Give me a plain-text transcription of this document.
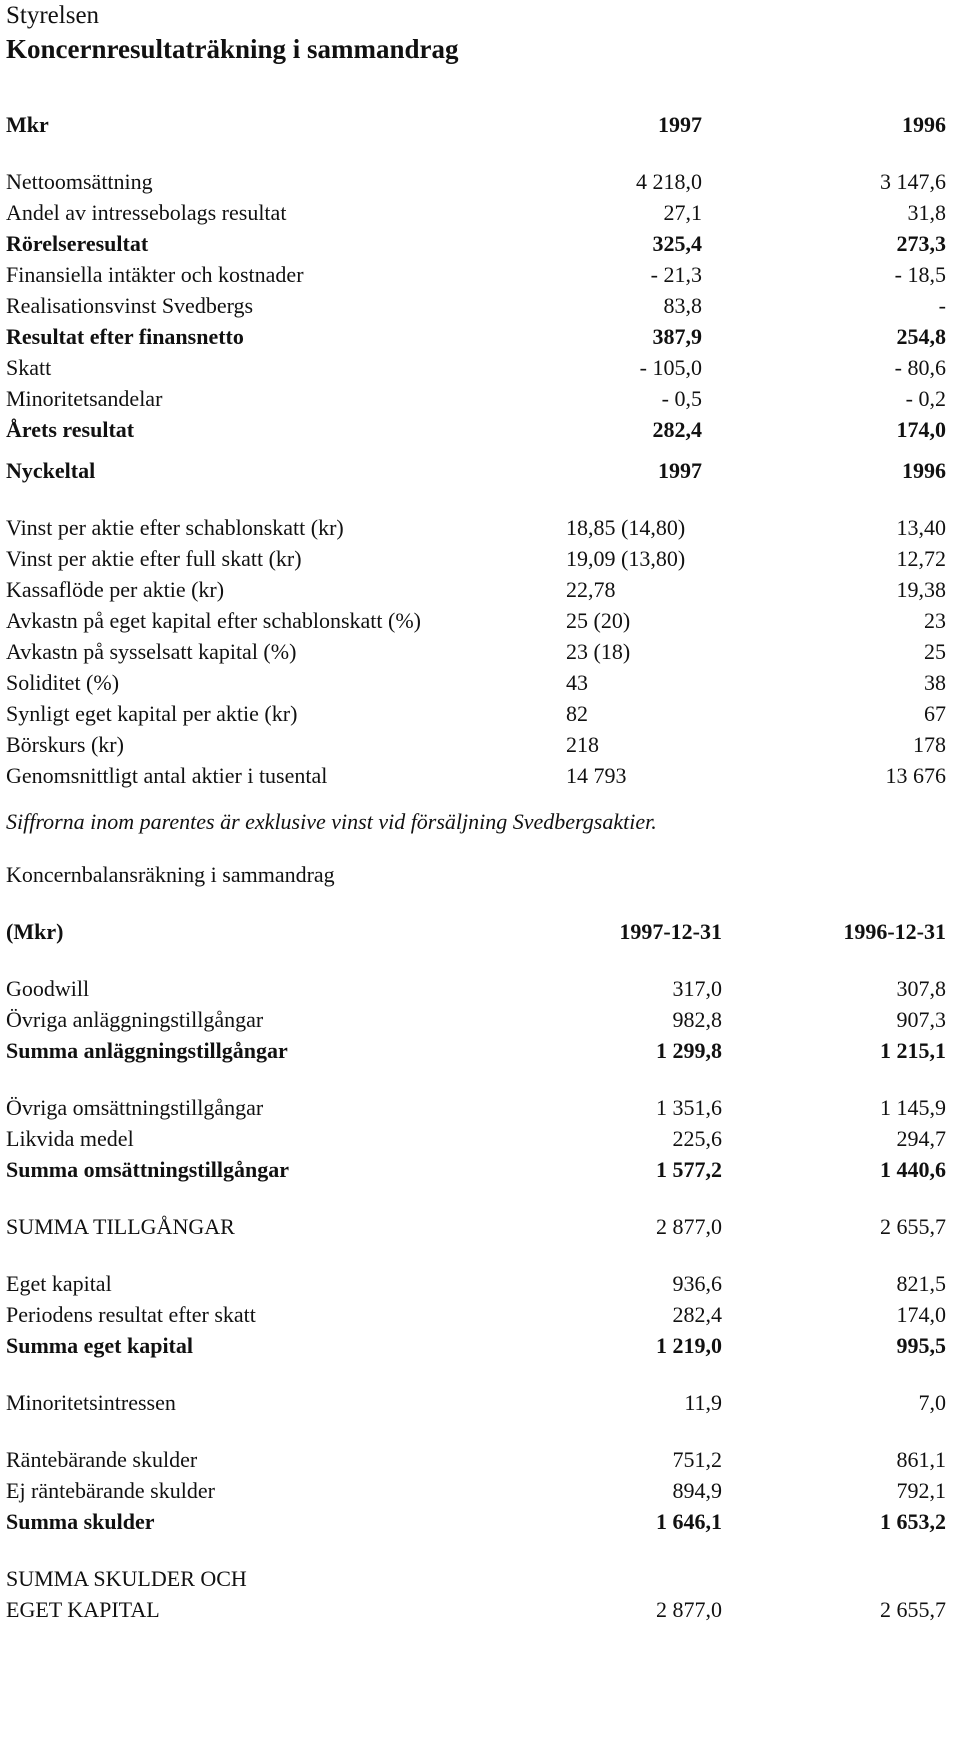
Styrelsen
Koncernresultaträkning i sammandrag
Mkr	1997	1996
Nettoomsättning	4 218,0	3 147,6
Andel av intressebolags resultat	27,1	31,8
Rörelseresultat	325,4	273,3
Finansiella intäkter och kostnader	- 21,3	- 18,5
Realisationsvinst Svedbergs	83,8	-
Resultat efter finansnetto	387,9	254,8
Skatt	- 105,0	- 80,6
Minoritetsandelar	- 0,5	- 0,2
Årets resultat	282,4	174,0
Nyckeltal	1997	1996
Vinst per aktie efter schablonskatt (kr)	18,85 (14,80)	13,40
Vinst per aktie efter full skatt (kr)	19,09 (13,80)	12,72
Kassaflöde per aktie (kr)	22,78	19,38
Avkastn på eget kapital efter schablonskatt (%)	25 (20)	23
Avkastn på sysselsatt kapital (%)	23 (18)	25
Soliditet (%)	43	38
Synligt eget kapital per aktie (kr)	82	67
Börskurs (kr)	218	178
Genomsnittligt antal aktier i tusental	14 793	13 676
Siffrorna inom parentes är exklusive vinst vid försäljning Svedbergsaktier.
Koncernbalansräkning i sammandrag
(Mkr)	1997-12-31	1996-12-31
Goodwill	317,0	307,8
Övriga anläggningstillgångar	982,8	907,3
Summa anläggningstillgångar	1 299,8	1 215,1
Övriga omsättningstillgångar	1 351,6	1 145,9
Likvida medel	225,6	294,7
Summa omsättningstillgångar	1 577,2	1 440,6
SUMMA TILLGÅNGAR	2 877,0	2 655,7
Eget kapital	936,6	821,5
Periodens resultat efter skatt	282,4	174,0
Summa eget kapital	1 219,0	995,5
Minoritetsintressen	11,9	7,0
Räntebärande skulder	751,2	861,1
Ej räntebärande skulder	894,9	792,1
Summa skulder	1 646,1	1 653,2
SUMMA SKULDER OCH
EGET KAPITAL	2 877,0	2 655,7
